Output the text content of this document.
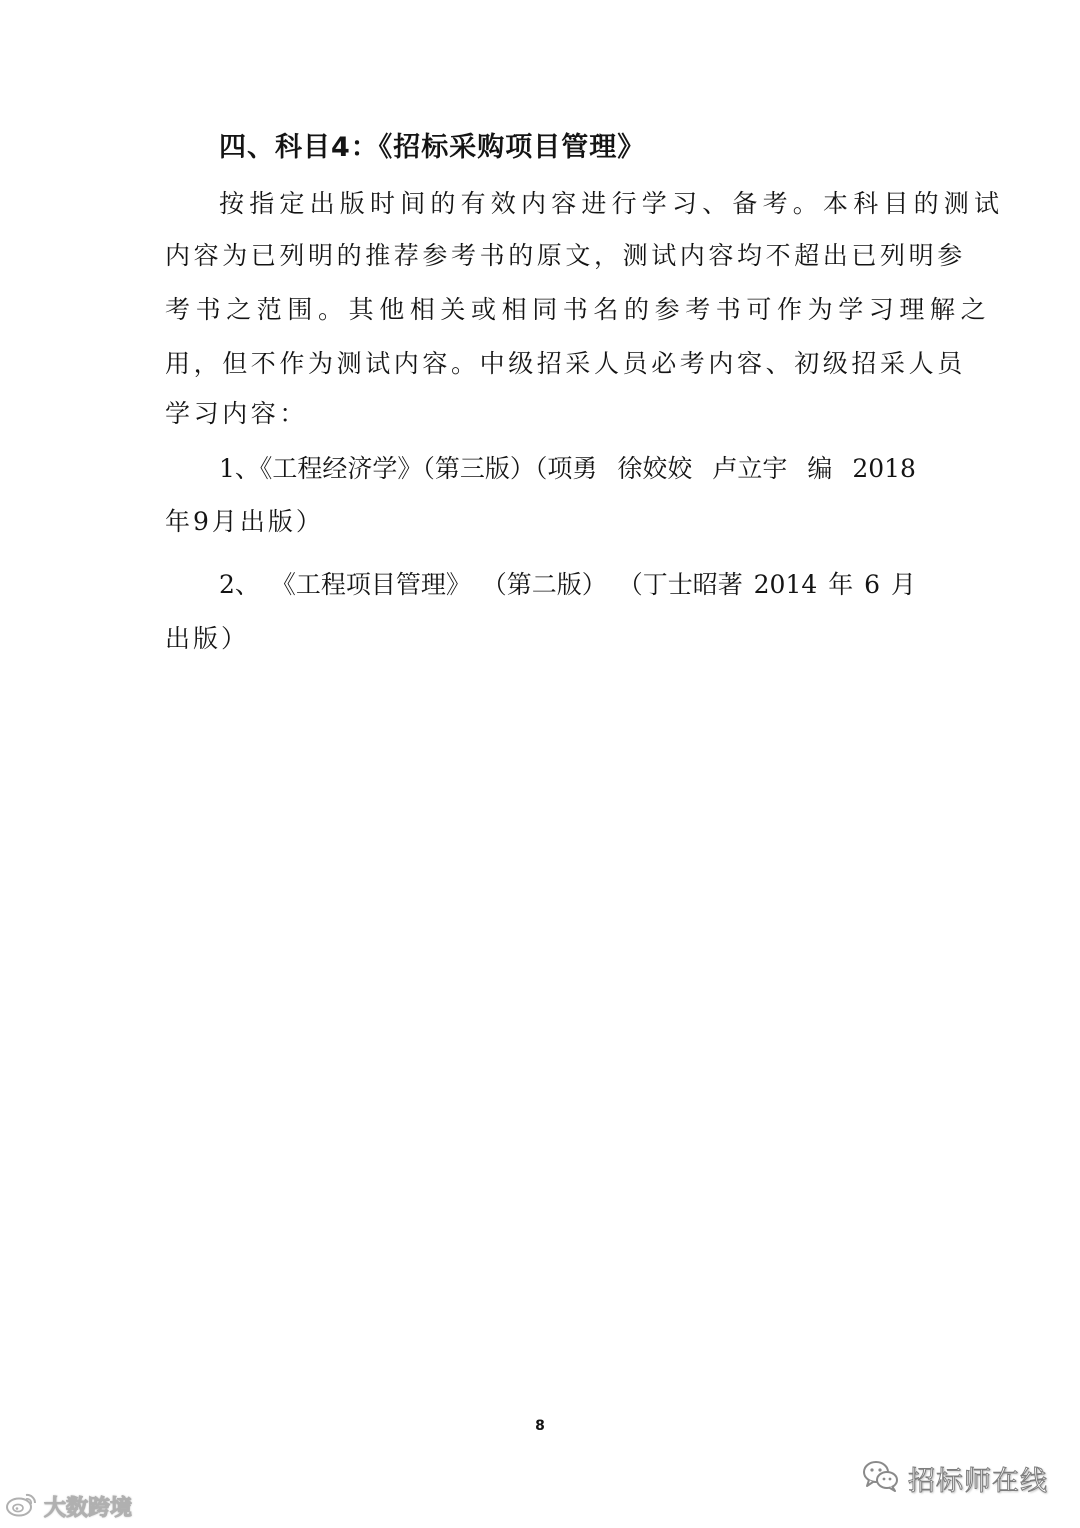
四、科目4：《招标采购项目管理》
按指定出版时间的有效内容进行学习、备考。本科目的测试
内容为已列明的推荐参考书的原文，测试内容均不超出已列明参
考书之范围。其他相关或相同书名的参考书可作为学习理解之
用，但不作为测试内容。中级招采人员必考内容、初级招采人员
学习内容：
1、《工程经济学》（第三版）（项勇 徐姣姣 卢立宇 编 2018
年9月出版）
2、 《工程项目管理》 （第二版） （丁士昭著 2014 年 6 月
出版）
8
大数跨境
招标师在线
